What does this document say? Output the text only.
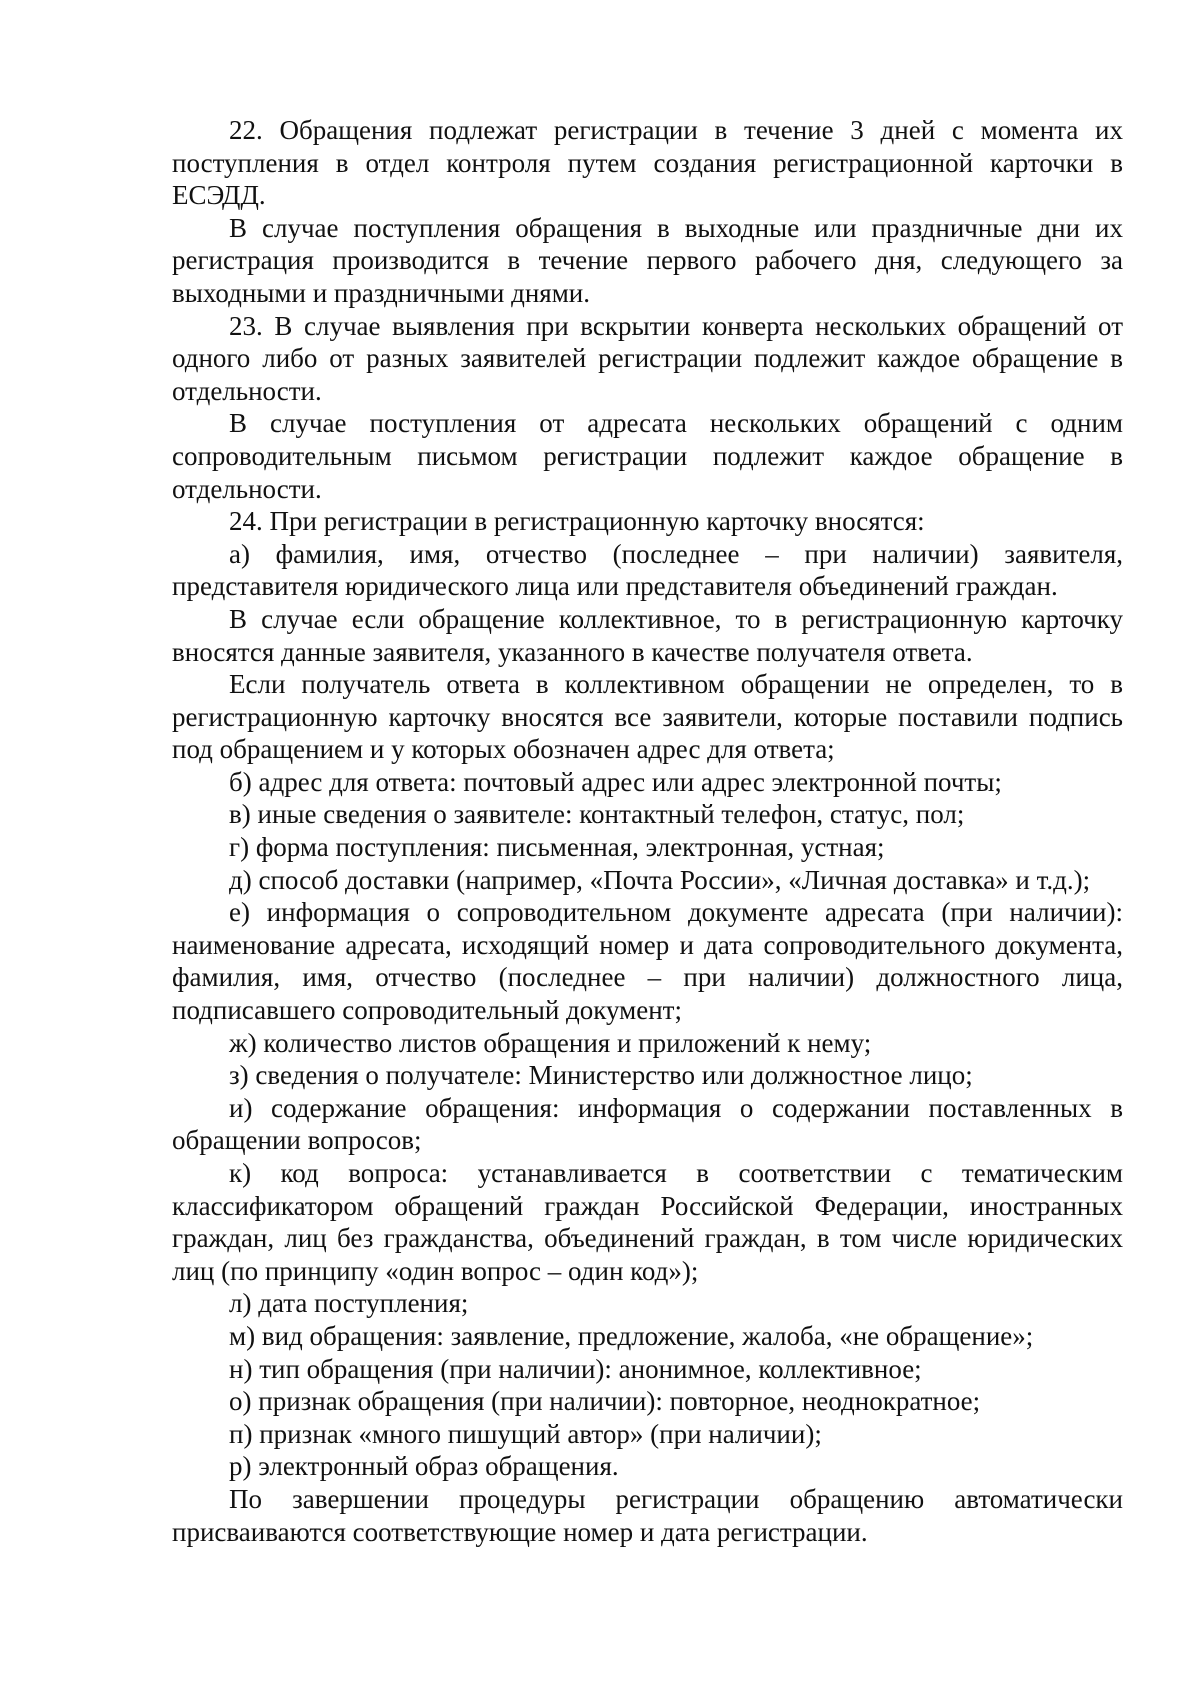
22. Обращения подлежат регистрации в течение 3 дней с момента их поступления в отдел контроля путем создания регистрационной карточки в ЕСЭДД.

В случае поступления обращения в выходные или праздничные дни их регистрация производится в течение первого рабочего дня, следующего за выходными и праздничными днями.

23. В случае выявления при вскрытии конверта нескольких обращений от одного либо от разных заявителей регистрации подлежит каждое обращение в отдельности.

В случае поступления от адресата нескольких обращений с одним сопроводительным письмом регистрации подлежит каждое обращение в отдельности.

24. При регистрации в регистрационную карточку вносятся:

а) фамилия, имя, отчество (последнее – при наличии) заявителя, представителя юридического лица или представителя объединений граждан.

В случае если обращение коллективное, то в регистрационную карточку вносятся данные заявителя, указанного в качестве получателя ответа.

Если получатель ответа в коллективном обращении не определен, то в регистрационную карточку вносятся все заявители, которые поставили подпись под обращением и у которых обозначен адрес для ответа;

б) адрес для ответа: почтовый адрес или адрес электронной почты;

в) иные сведения о заявителе: контактный телефон, статус, пол;

г) форма поступления: письменная, электронная, устная;

д) способ доставки (например, «Почта России», «Личная доставка» и т.д.);

е) информация о сопроводительном документе адресата (при наличии): наименование адресата, исходящий номер и дата сопроводительного документа, фамилия, имя, отчество (последнее – при наличии) должностного лица, подписавшего сопроводительный документ;

ж) количество листов обращения и приложений к нему;

з) сведения о получателе: Министерство или должностное лицо;

и) содержание обращения: информация о содержании поставленных в обращении вопросов;

к) код вопроса: устанавливается в соответствии с тематическим классификатором обращений граждан Российской Федерации, иностранных граждан, лиц без гражданства, объединений граждан, в том числе юридических лиц (по принципу «один вопрос – один код»);

л) дата поступления;

м) вид обращения: заявление, предложение, жалоба, «не обращение»;

н) тип обращения (при наличии): анонимное, коллективное;

о) признак обращения (при наличии): повторное, неоднократное;

п) признак «много пишущий автор» (при наличии);

р) электронный образ обращения.

По завершении процедуры регистрации обращению автоматически присваиваются соответствующие номер и дата регистрации.
